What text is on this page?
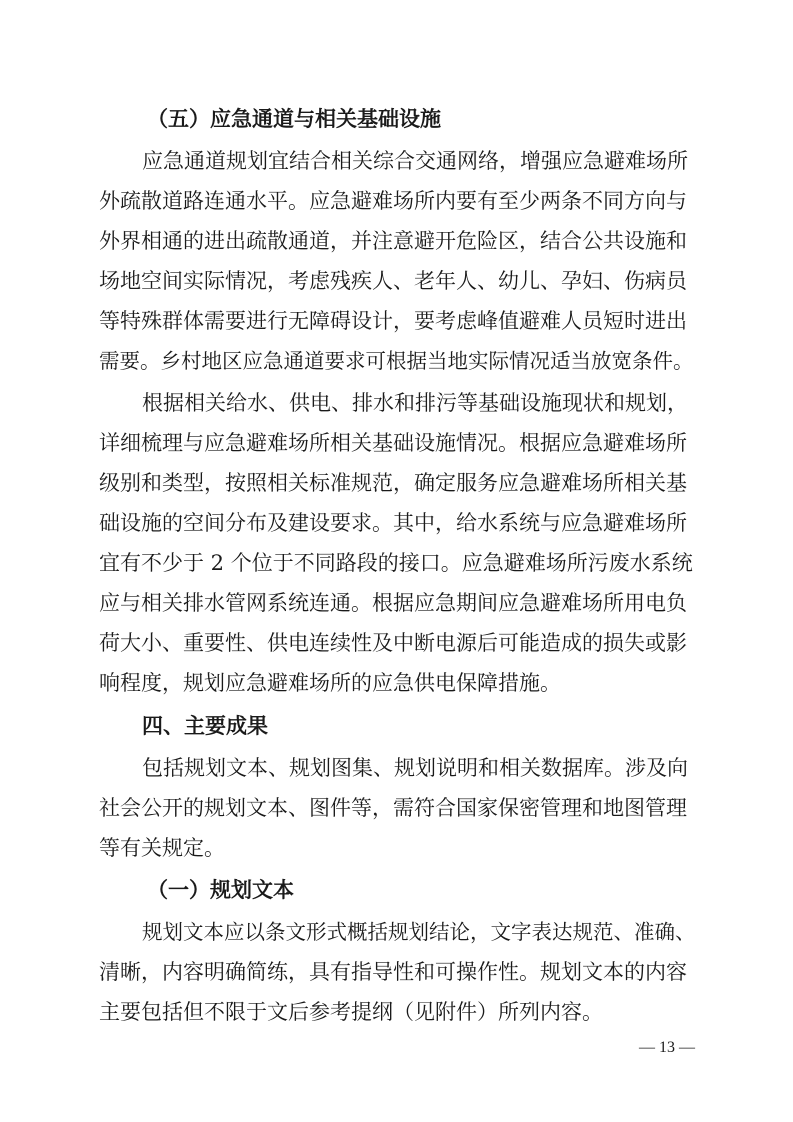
（五）应急通道与相关基础设施
应急通道规划宜结合相关综合交通网络，增强应急避难场所
外疏散道路连通水平。应急避难场所内要有至少两条不同方向与
外界相通的进出疏散通道，并注意避开危险区，结合公共设施和
场地空间实际情况，考虑残疾人、老年人、幼儿、孕妇、伤病员
等特殊群体需要进行无障碍设计，要考虑峰值避难人员短时进出
需要。乡村地区应急通道要求可根据当地实际情况适当放宽条件。
根据相关给水、供电、排水和排污等基础设施现状和规划，
详细梳理与应急避难场所相关基础设施情况。根据应急避难场所
级别和类型，按照相关标准规范，确定服务应急避难场所相关基
础设施的空间分布及建设要求。其中，给水系统与应急避难场所
宜有不少于 2 个位于不同路段的接口。应急避难场所污废水系统
应与相关排水管网系统连通。根据应急期间应急避难场所用电负
荷大小、重要性、供电连续性及中断电源后可能造成的损失或影
响程度，规划应急避难场所的应急供电保障措施。
四、主要成果
包括规划文本、规划图集、规划说明和相关数据库。涉及向
社会公开的规划文本、图件等，需符合国家保密管理和地图管理
等有关规定。
（一）规划文本
规划文本应以条文形式概括规划结论，文字表达规范、准确、
清晰，内容明确简练，具有指导性和可操作性。规划文本的内容
主要包括但不限于文后参考提纲（见附件）所列内容。
— 13 —
